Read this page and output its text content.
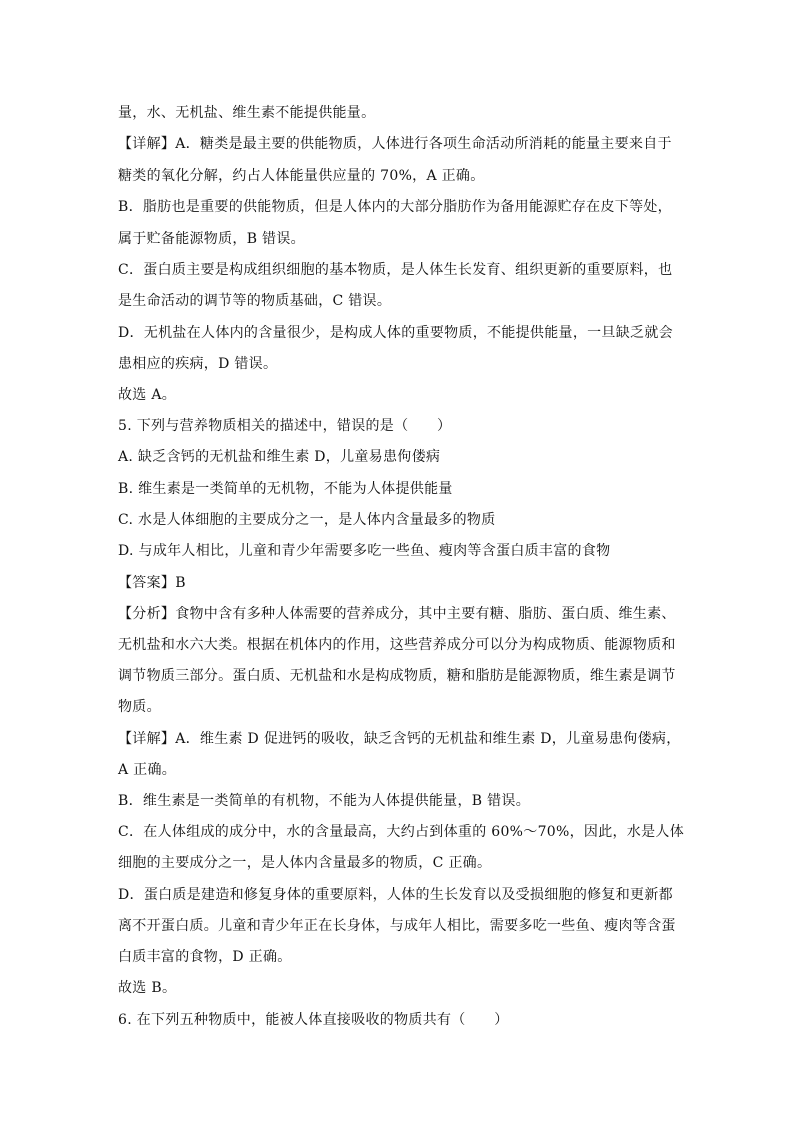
量，水、无机盐、维生素不能提供能量。
【详解】A．糖类是最主要的供能物质，人体进行各项生命活动所消耗的能量主要来自于
糖类的氧化分解，约占人体能量供应量的 70%，A 正确。
B．脂肪也是重要的供能物质，但是人体内的大部分脂肪作为备用能源贮存在皮下等处，
属于贮备能源物质，B 错误。
C．蛋白质主要是构成组织细胞的基本物质，是人体生长发育、组织更新的重要原料，也
是生命活动的调节等的物质基础，C 错误。
D．无机盐在人体内的含量很少，是构成人体的重要物质，不能提供能量，一旦缺乏就会
患相应的疾病，D 错误。
故选 A。
5. 下列与营养物质相关的描述中，错误的是（　　）
A. 缺乏含钙的无机盐和维生素 D，儿童易患佝偻病
B. 维生素是一类简单的无机物，不能为人体提供能量
C. 水是人体细胞的主要成分之一，是人体内含量最多的物质
D. 与成年人相比，儿童和青少年需要多吃一些鱼、瘦肉等含蛋白质丰富的食物
【答案】B
【分析】食物中含有多种人体需要的营养成分，其中主要有糖、脂肪、蛋白质、维生素、
无机盐和水六大类。根据在机体内的作用，这些营养成分可以分为构成物质、能源物质和
调节物质三部分。蛋白质、无机盐和水是构成物质，糖和脂肪是能源物质，维生素是调节
物质。
【详解】A．维生素 D 促进钙的吸收，缺乏含钙的无机盐和维生素 D，儿童易患佝偻病，
A 正确。
B．维生素是一类简单的有机物，不能为人体提供能量，B 错误。
C．在人体组成的成分中，水的含量最高，大约占到体重的 60%～70%，因此，水是人体
细胞的主要成分之一，是人体内含量最多的物质，C 正确。
D．蛋白质是建造和修复身体的重要原料，人体的生长发育以及受损细胞的修复和更新都
离不开蛋白质。儿童和青少年正在长身体，与成年人相比，需要多吃一些鱼、瘦肉等含蛋
白质丰富的食物，D 正确。
故选 B。
6. 在下列五种物质中，能被人体直接吸收的物质共有（　　）
